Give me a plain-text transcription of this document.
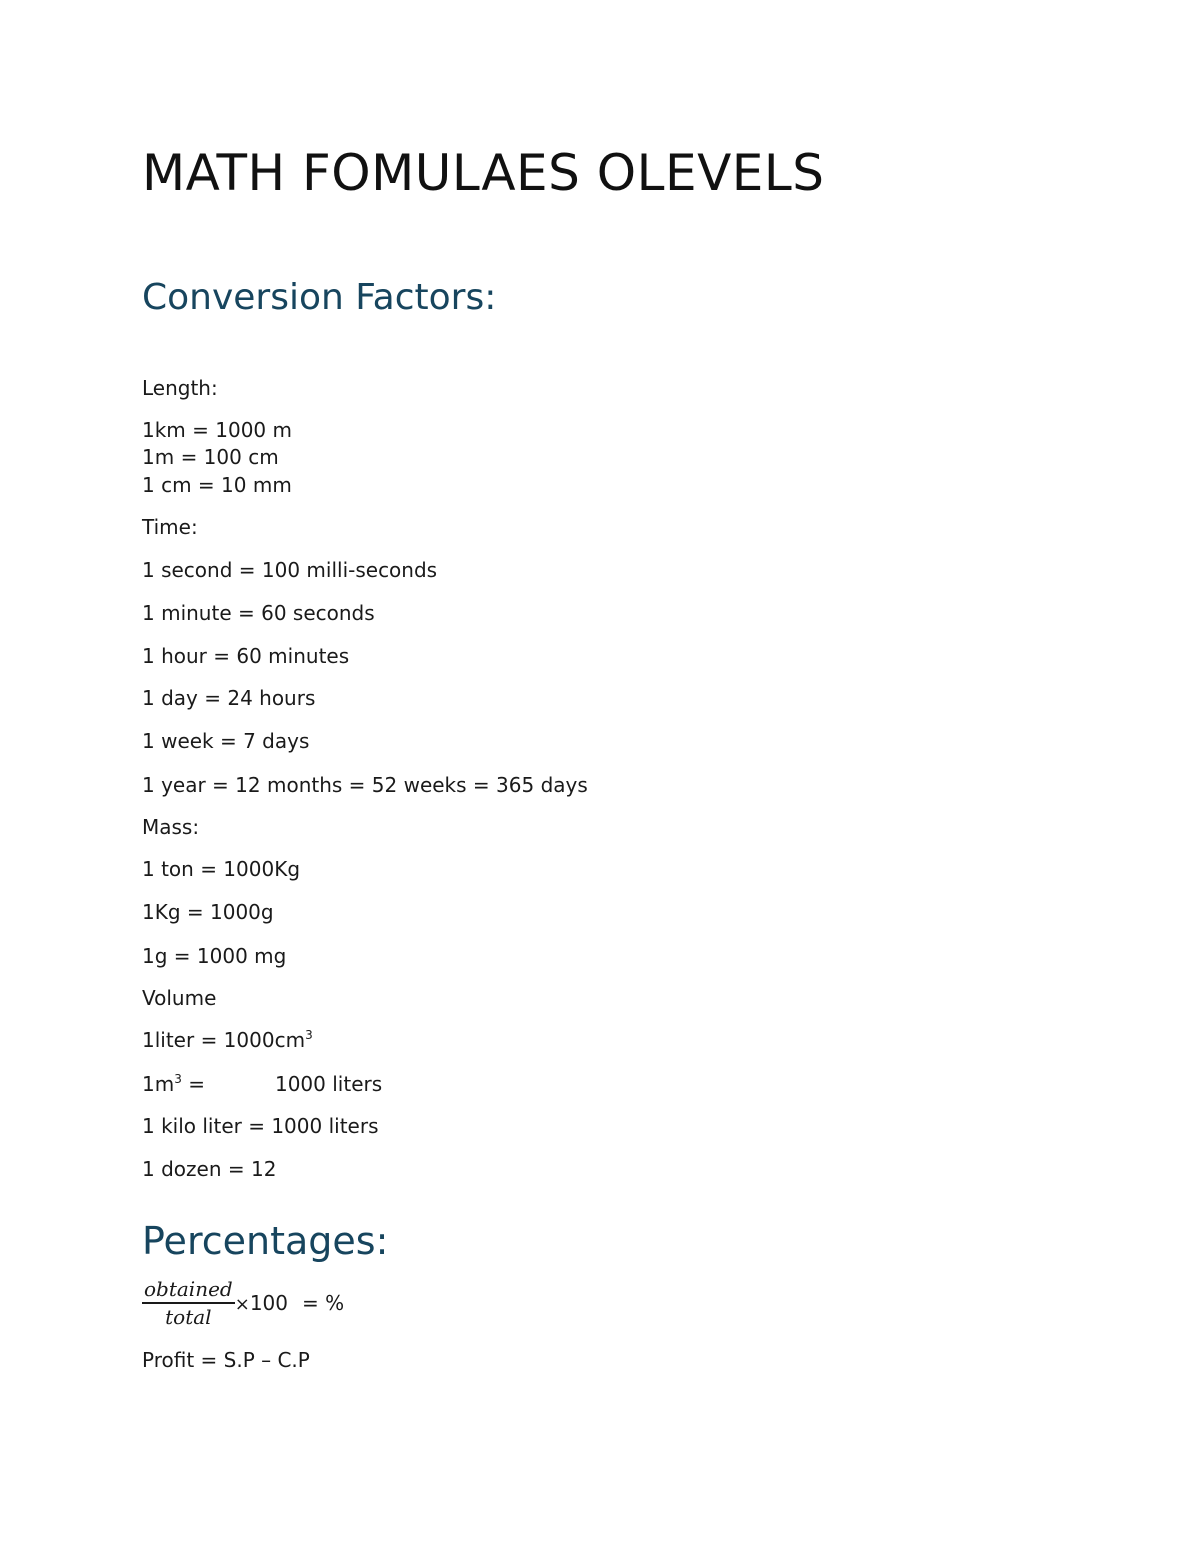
MATH FOMULAES OLEVELS
Conversion Factors:
Length:
1km = 1000 m
1m = 100 cm
1 cm = 10 mm
Time:
1 second = 100 milli-seconds
1 minute = 60 seconds
1 hour = 60 minutes
1 day = 24 hours
1 week = 7 days
1 year = 12 months = 52 weeks = 365 days
Mass:
1 ton = 1000Kg
1Kg = 1000g
1g = 1000 mg
Volume
1liter = $1000cm^3$
$1m^3$ =	1000 liters
1 kilo liter = 1000 liters
1 dozen = 12
Percentages:
$\frac{\text{obtained}}{\text{total}} \times 100$ = %
Profit = S.P – C.P
